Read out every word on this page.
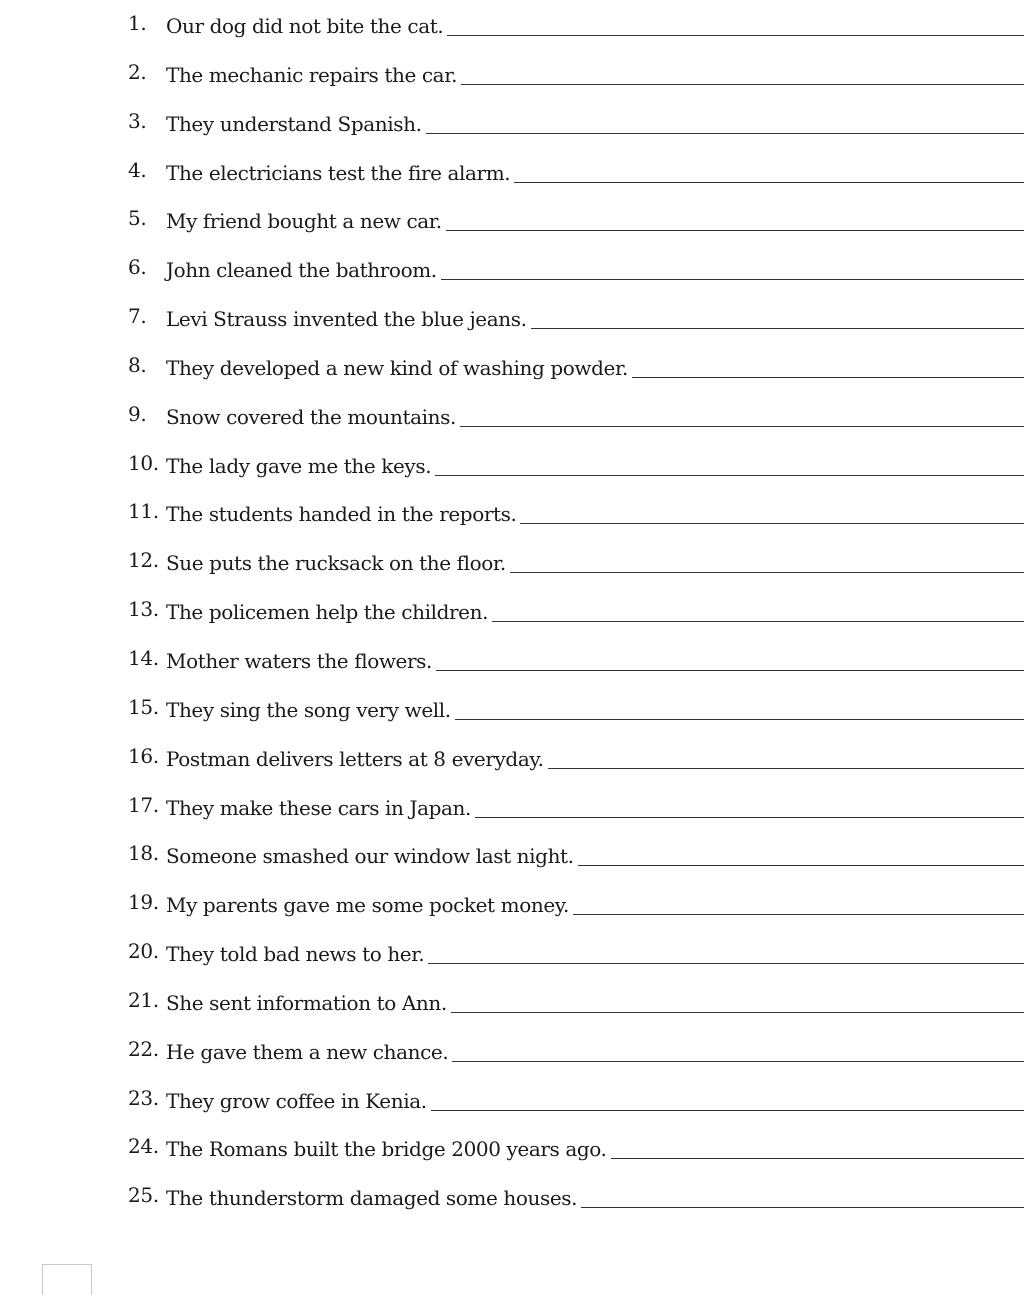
1. Our dog did not bite the cat.
2. The mechanic repairs the car.
3. They understand Spanish.
4. The electricians test the fire alarm.
5. My friend bought a new car.
6. John cleaned the bathroom.
7. Levi Strauss invented the blue jeans.
8. They developed a new kind of washing powder.
9. Snow covered the mountains.
10. The lady gave me the keys.
11. The students handed in the reports.
12. Sue puts the rucksack on the floor.
13. The policemen help the children.
14. Mother waters the flowers.
15. They sing the song very well.
16. Postman delivers letters at 8 everyday.
17. They make these cars in Japan.
18. Someone smashed our window last night.
19. My parents gave me some pocket money.
20. They told bad news to her.
21. She sent information to Ann.
22. He gave them a new chance.
23. They grow coffee in Kenia.
24. The Romans built the bridge 2000 years ago.
25. The thunderstorm damaged some houses.
